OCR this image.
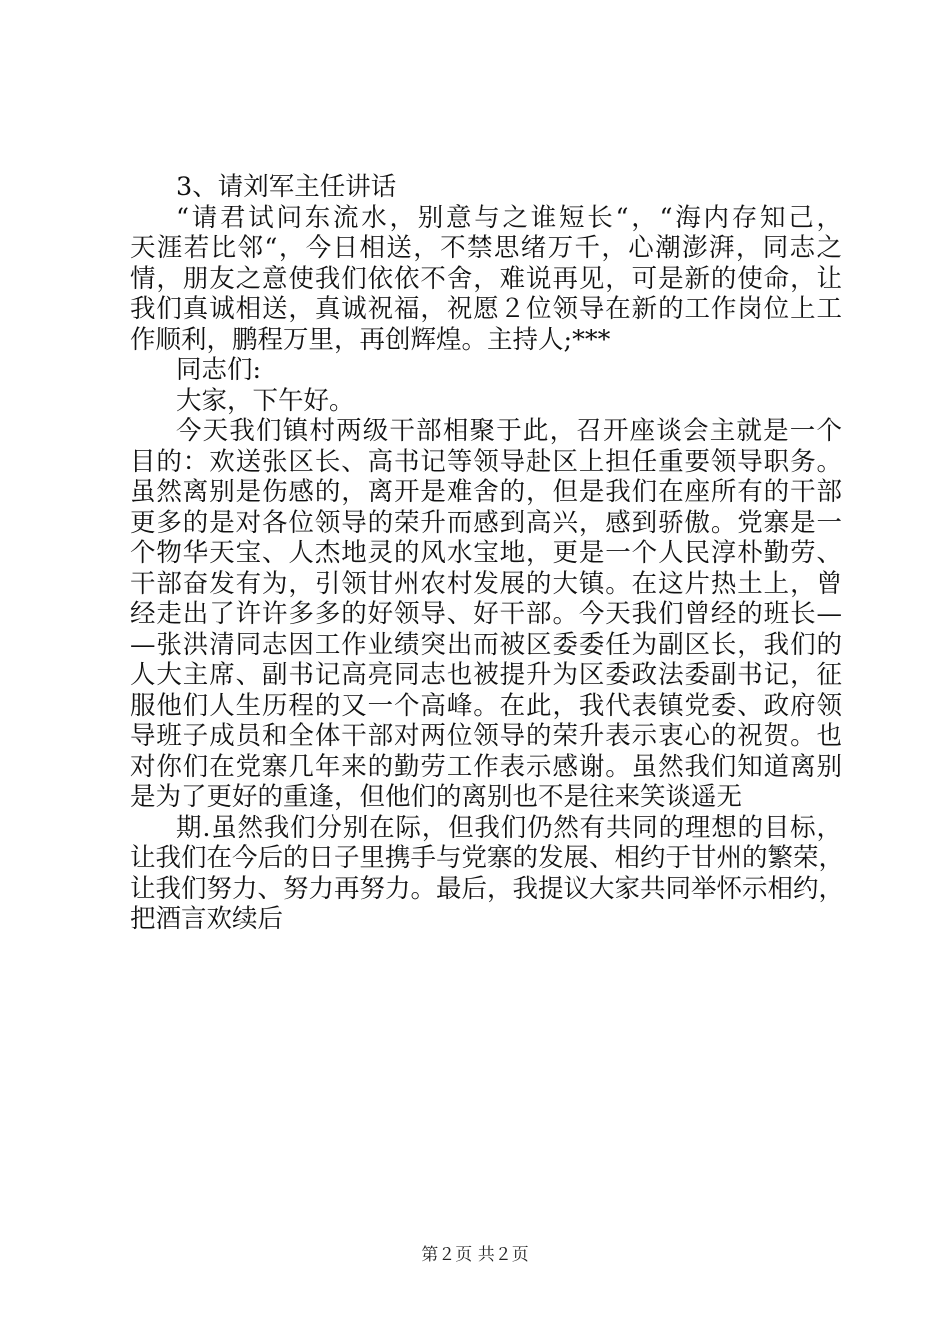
3、请刘军主任讲话
“请君试问东流水，别意与之谁短长“，“海内存知己，
天涯若比邻“，今日相送，不禁思绪万千，心潮澎湃，同志之
情，朋友之意使我们依依不舍，难说再见，可是新的使命，让
我们真诚相送，真诚祝福，祝愿２位领导在新的工作岗位上工
作顺利，鹏程万里，再创辉煌。主持人;***
同志们:
大家，下午好。
今天我们镇村两级干部相聚于此，召开座谈会主就是一个
目的：欢送张区长、高书记等领导赴区上担任重要领导职务。
虽然离别是伤感的，离开是难舍的，但是我们在座所有的干部
更多的是对各位领导的荣升而感到高兴，感到骄傲。党寨是一
个物华天宝、人杰地灵的风水宝地，更是一个人民淳朴勤劳、
干部奋发有为，引领甘州农村发展的大镇。在这片热土上，曾
经走出了许许多多的好领导、好干部。今天我们曾经的班长—
—张洪清同志因工作业绩突出而被区委委任为副区长，我们的
人大主席、副书记高亮同志也被提升为区委政法委副书记，征
服他们人生历程的又一个高峰。在此，我代表镇党委、政府领
导班子成员和全体干部对两位领导的荣升表示衷心的祝贺。也
对你们在党寨几年来的勤劳工作表示感谢。虽然我们知道离别
是为了更好的重逢，但他们的离别也不是往来笑谈遥无
期.虽然我们分别在际，但我们仍然有共同的理想的目标，
让我们在今后的日子里携手与党寨的发展、相约于甘州的繁荣，
让我们努力、努力再努力。最后，我提议大家共同举怀示相约，
把酒言欢续后
第２页 共２页
